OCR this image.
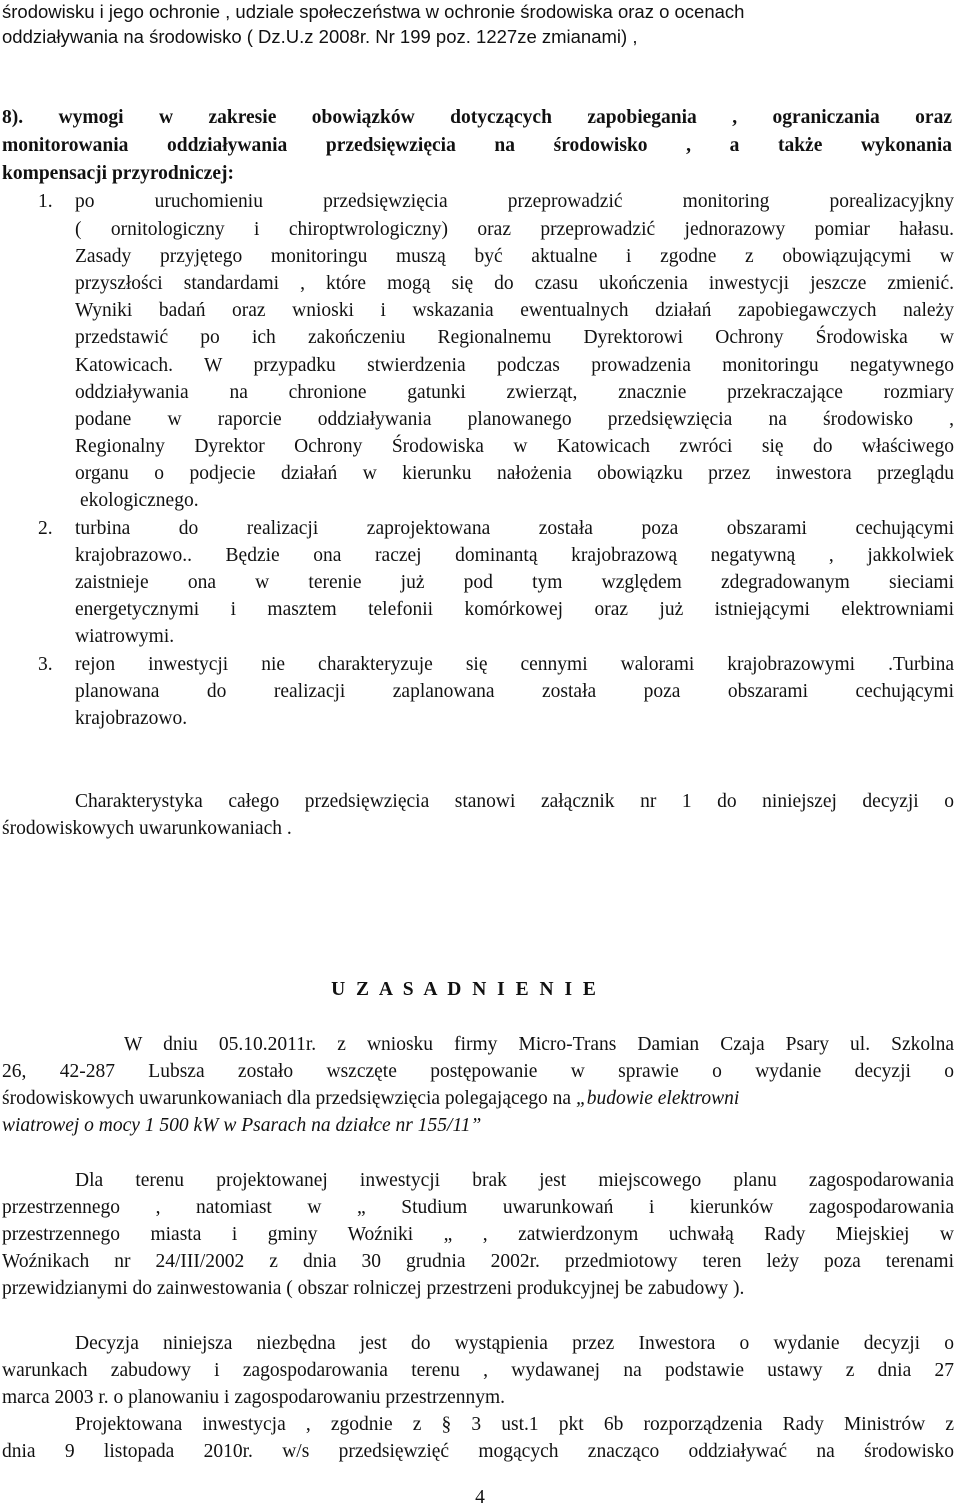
środowisku i jego ochronie , udziale społeczeństwa w ochronie środowiska oraz o ocenach
oddziaływania na środowisko ( Dz.U.z 2008r. Nr 199 poz. 1227ze zmianami) ,
8). wymogi w zakresie obowiązków dotyczących zapobiegania , ograniczania oraz
monitorowania oddziaływania przedsięwzięcia na środowisko , a także wykonania
kompensacji przyrodniczej:
1. po uruchomieniu przedsięwzięcia przeprowadzić monitoring porealizacyjkny
( ornitologiczny i chiroptwrologiczny) oraz przeprowadzić jednorazowy pomiar hałasu.
Zasady przyjętego monitoringu muszą być aktualne i zgodne z obowiązującymi w
przyszłości standardami , które mogą się do czasu ukończenia inwestycji jeszcze zmienić.
Wyniki badań oraz wnioski i wskazania ewentualnych działań zapobiegawczych należy
przedstawić po ich zakończeniu Regionalnemu Dyrektorowi Ochrony Środowiska w
Katowicach. W przypadku stwierdzenia podczas prowadzenia monitoringu negatywnego
oddziaływania na chronione gatunki zwierząt, znacznie przekraczające rozmiary
podane w raporcie oddziaływania planowanego przedsięwzięcia na środowisko ,
Regionalny Dyrektor Ochrony Środowiska w Katowicach zwróci się do właściwego
organu o podjecie działań w kierunku nałożenia obowiązku przez inwestora przeglądu
ekologicznego.
2. turbina do realizacji zaprojektowana została poza obszarami cechującymi
krajobrazowo.. Będzie ona raczej dominantą krajobrazową negatywną , jakkolwiek
zaistnieje ona w terenie już pod tym względem zdegradowanym sieciami
energetycznymi i masztem telefonii komórkowej oraz już istniejącymi elektrowniami
wiatrowymi.
3. rejon inwestycji nie charakteryzuje się cennymi walorami krajobrazowymi .Turbina
planowana do realizacji zaplanowana została poza obszarami cechującymi
krajobrazowo.
Charakterystyka całego przedsięwzięcia stanowi załącznik nr 1 do niniejszej decyzji o
środowiskowych uwarunkowaniach .
U Z A S A D N I E N I E
W dniu 05.10.2011r. z wniosku firmy Micro-Trans Damian Czaja Psary ul. Szkolna
26, 42-287 Lubsza zostało wszczęte postępowanie w sprawie o wydanie decyzji o
środowiskowych uwarunkowaniach dla przedsięwzięcia polegającego na „budowie elektrowni
wiatrowej o mocy 1 500 kW w Psarach na działce nr 155/11”
Dla terenu projektowanej inwestycji brak jest miejscowego planu zagospodarowania
przestrzennego , natomiast w „ Studium uwarunkowań i kierunków zagospodarowania
przestrzennego miasta i gminy Woźniki „ , zatwierdzonym uchwałą Rady Miejskiej w
Woźnikach nr 24/III/2002 z dnia 30 grudnia 2002r. przedmiotowy teren leży poza terenami
przewidzianymi do zainwestowania ( obszar rolniczej przestrzeni produkcyjnej be zabudowy ).
Decyzja niniejsza niezbędna jest do wystąpienia przez Inwestora o wydanie decyzji o
warunkach zabudowy i zagospodarowania terenu , wydawanej na podstawie ustawy z dnia 27
marca 2003 r. o planowaniu i zagospodarowaniu przestrzennym.
Projektowana inwestycja , zgodnie z § 3 ust.1 pkt 6b rozporządzenia Rady Ministrów z
dnia 9 listopada 2010r. w/s przedsięwzięć mogących znacząco oddziaływać na środowisko
4
